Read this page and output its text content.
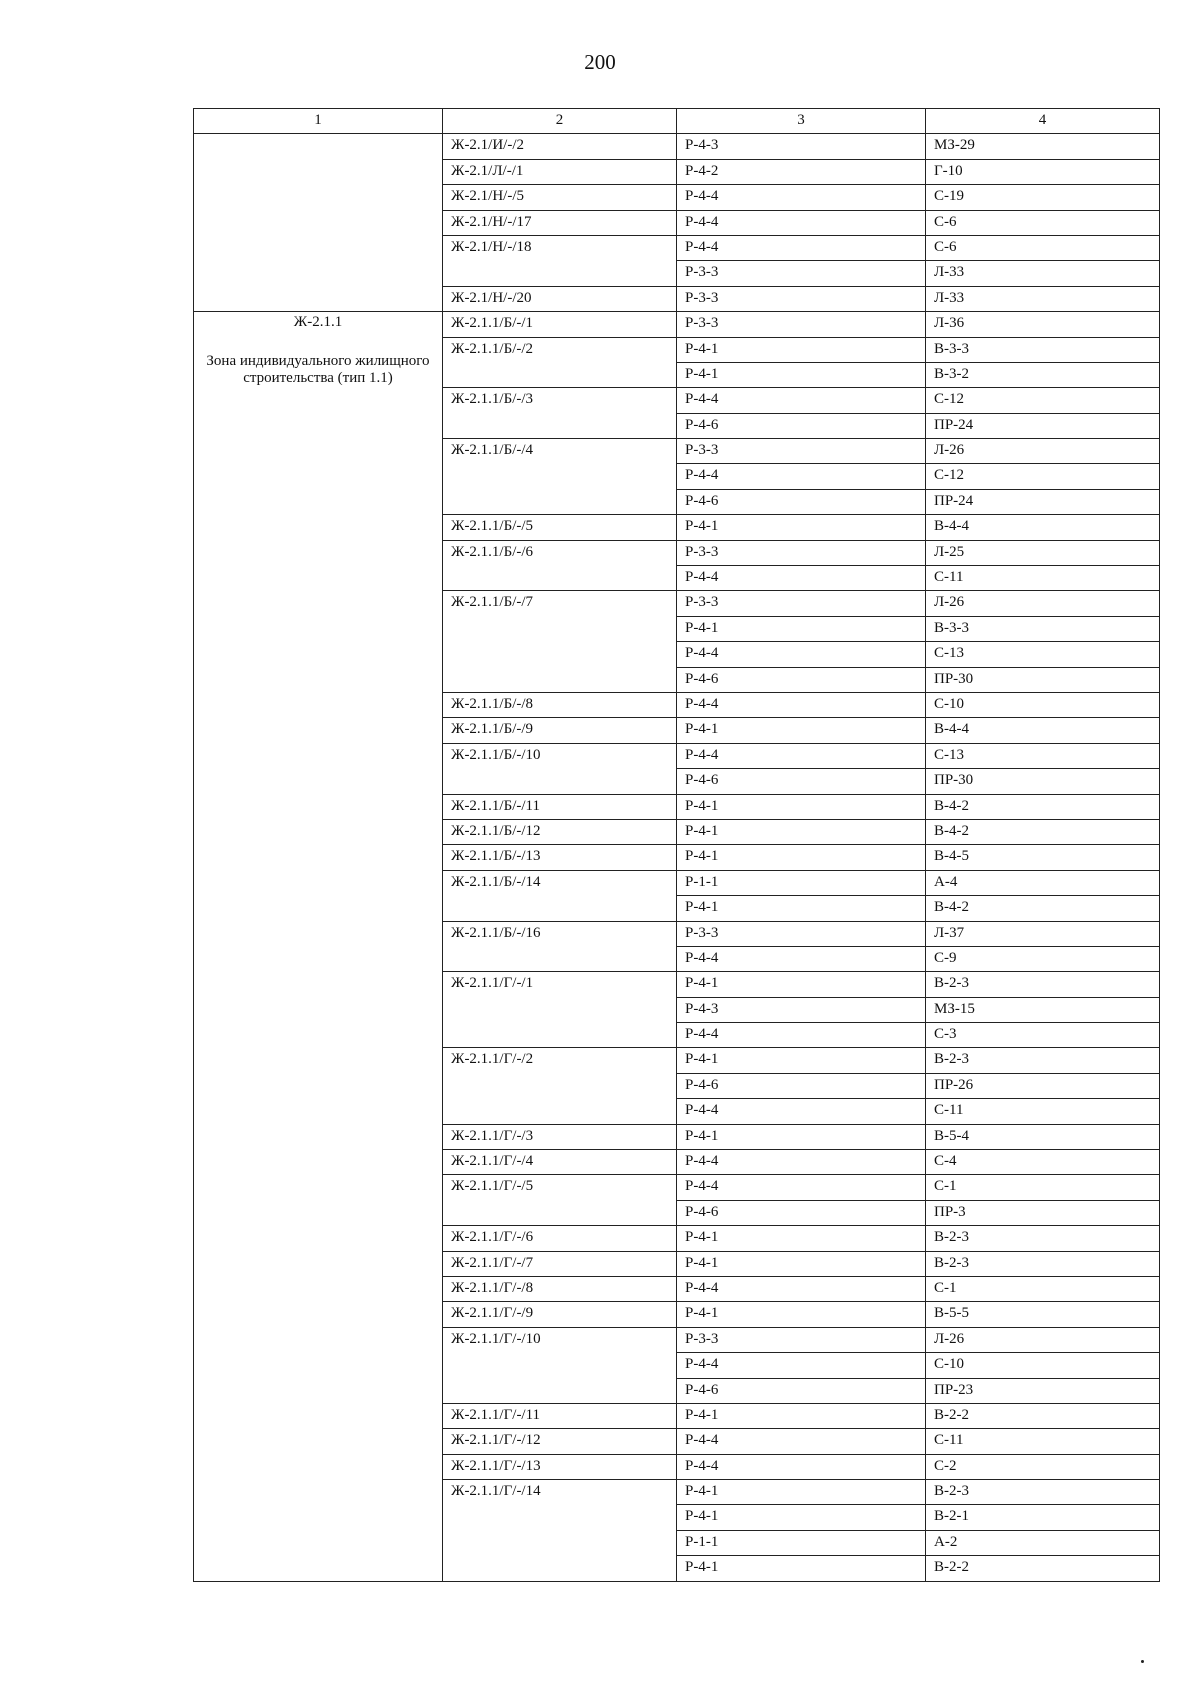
200
1	2	3	4

	Ж-2.1/И/-/2	Р-4-3	МЗ-29
	Ж-2.1/Л/-/1	Р-4-2	Г-10
	Ж-2.1/Н/-/5	Р-4-4	С-19
	Ж-2.1/Н/-/17	Р-4-4	С-6
	Ж-2.1/Н/-/18	Р-4-4	С-6
		Р-3-3	Л-33
	Ж-2.1/Н/-/20	Р-3-3	Л-33

Ж-2.1.1
Зона индивидуального жилищного строительства (тип 1.1)	Ж-2.1.1/Б/-/1	Р-3-3	Л-36
	Ж-2.1.1/Б/-/2	Р-4-1	В-3-3
		Р-4-1	В-3-2
	Ж-2.1.1/Б/-/3	Р-4-4	С-12
		Р-4-6	ПР-24
	Ж-2.1.1/Б/-/4	Р-3-3	Л-26
		Р-4-4	С-12
		Р-4-6	ПР-24
	Ж-2.1.1/Б/-/5	Р-4-1	В-4-4
	Ж-2.1.1/Б/-/6	Р-3-3	Л-25
		Р-4-4	С-11
	Ж-2.1.1/Б/-/7	Р-3-3	Л-26
		Р-4-1	В-3-3
		Р-4-4	С-13
		Р-4-6	ПР-30
	Ж-2.1.1/Б/-/8	Р-4-4	С-10
	Ж-2.1.1/Б/-/9	Р-4-1	В-4-4
	Ж-2.1.1/Б/-/10	Р-4-4	С-13
		Р-4-6	ПР-30
	Ж-2.1.1/Б/-/11	Р-4-1	В-4-2
	Ж-2.1.1/Б/-/12	Р-4-1	В-4-2
	Ж-2.1.1/Б/-/13	Р-4-1	В-4-5
	Ж-2.1.1/Б/-/14	Р-1-1	А-4
		Р-4-1	В-4-2
	Ж-2.1.1/Б/-/16	Р-3-3	Л-37
		Р-4-4	С-9
	Ж-2.1.1/Г/-/1	Р-4-1	В-2-3
		Р-4-3	МЗ-15
		Р-4-4	С-3
	Ж-2.1.1/Г/-/2	Р-4-1	В-2-3
		Р-4-6	ПР-26
		Р-4-4	С-11
	Ж-2.1.1/Г/-/3	Р-4-1	В-5-4
	Ж-2.1.1/Г/-/4	Р-4-4	С-4
	Ж-2.1.1/Г/-/5	Р-4-4	С-1
		Р-4-6	ПР-3
	Ж-2.1.1/Г/-/6	Р-4-1	В-2-3
	Ж-2.1.1/Г/-/7	Р-4-1	В-2-3
	Ж-2.1.1/Г/-/8	Р-4-4	С-1
	Ж-2.1.1/Г/-/9	Р-4-1	В-5-5
	Ж-2.1.1/Г/-/10	Р-3-3	Л-26
		Р-4-4	С-10
		Р-4-6	ПР-23
	Ж-2.1.1/Г/-/11	Р-4-1	В-2-2
	Ж-2.1.1/Г/-/12	Р-4-4	С-11
	Ж-2.1.1/Г/-/13	Р-4-4	С-2
	Ж-2.1.1/Г/-/14	Р-4-1	В-2-3
		Р-4-1	В-2-1
		Р-1-1	А-2
		Р-4-1	В-2-2
